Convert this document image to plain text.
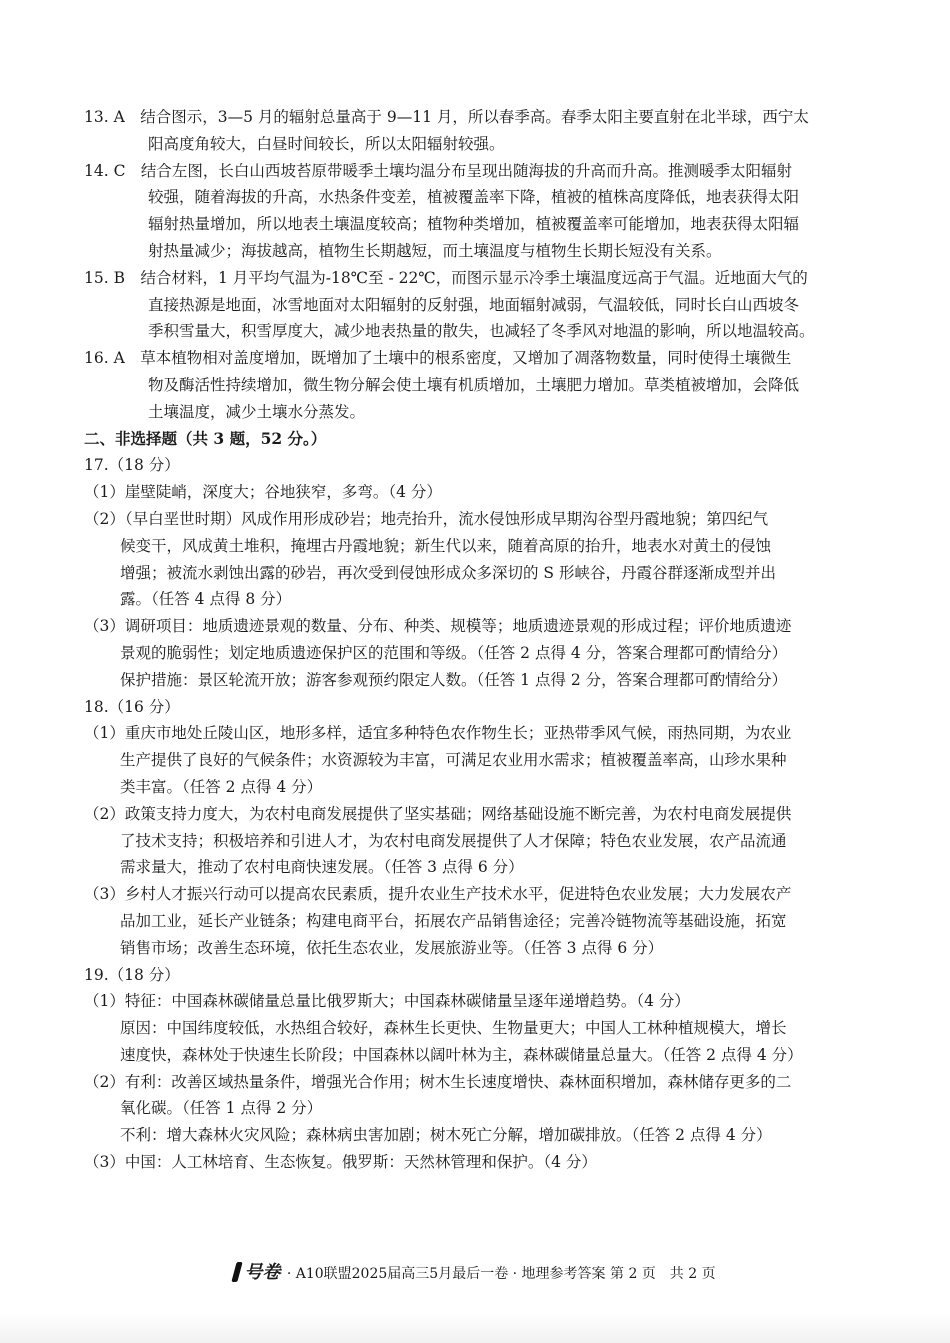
13. A　结合图示，3—5 月的辐射总量高于 9—11 月，所以春季高。春季太阳主要直射在北半球，西宁太
阳高度角较大，白昼时间较长，所以太阳辐射较强。
14. C　结合左图，长白山西坡苔原带暖季土壤均温分布呈现出随海拔的升高而升高。推测暖季太阳辐射
较强，随着海拔的升高，水热条件变差，植被覆盖率下降，植被的植株高度降低，地表获得太阳
辐射热量增加，所以地表土壤温度较高；植物种类增加，植被覆盖率可能增加，地表获得太阳辐
射热量减少；海拔越高，植物生长期越短，而土壤温度与植物生长期长短没有关系。
15. B　结合材料，1 月平均气温为-18℃至 - 22℃，而图示显示冷季土壤温度远高于气温。近地面大气的
直接热源是地面，冰雪地面对太阳辐射的反射强，地面辐射减弱，气温较低，同时长白山西坡冬
季积雪量大，积雪厚度大，减少地表热量的散失，也减轻了冬季风对地温的影响，所以地温较高。
16. A　草本植物相对盖度增加，既增加了土壤中的根系密度，又增加了凋落物数量，同时使得土壤微生
物及酶活性持续增加，微生物分解会使土壤有机质增加，土壤肥力增加。草类植被增加，会降低
土壤温度，减少土壤水分蒸发。
二、非选择题（共 3 题，52 分。）
17.（18 分）
（1）崖壁陡峭，深度大；谷地狭窄，多弯。（4 分）
（2）（早白垩世时期）风成作用形成砂岩；地壳抬升，流水侵蚀形成早期沟谷型丹霞地貌；第四纪气
候变干，风成黄土堆积，掩埋古丹霞地貌；新生代以来，随着高原的抬升，地表水对黄土的侵蚀
增强；被流水剥蚀出露的砂岩，再次受到侵蚀形成众多深切的 S 形峡谷，丹霞谷群逐渐成型并出
露。（任答 4 点得 8 分）
（3）调研项目：地质遗迹景观的数量、分布、种类、规模等；地质遗迹景观的形成过程；评价地质遗迹
景观的脆弱性；划定地质遗迹保护区的范围和等级。（任答 2 点得 4 分，答案合理都可酌情给分）
保护措施：景区轮流开放；游客参观预约限定人数。（任答 1 点得 2 分，答案合理都可酌情给分）
18.（16 分）
（1）重庆市地处丘陵山区，地形多样，适宜多种特色农作物生长；亚热带季风气候，雨热同期，为农业
生产提供了良好的气候条件；水资源较为丰富，可满足农业用水需求；植被覆盖率高，山珍水果种
类丰富。（任答 2 点得 4 分）
（2）政策支持力度大，为农村电商发展提供了坚实基础；网络基础设施不断完善，为农村电商发展提供
了技术支持；积极培养和引进人才，为农村电商发展提供了人才保障；特色农业发展，农产品流通
需求量大，推动了农村电商快速发展。（任答 3 点得 6 分）
（3）乡村人才振兴行动可以提高农民素质，提升农业生产技术水平，促进特色农业发展；大力发展农产
品加工业，延长产业链条；构建电商平台，拓展农产品销售途径；完善冷链物流等基础设施，拓宽
销售市场；改善生态环境，依托生态农业，发展旅游业等。（任答 3 点得 6 分）
19.（18 分）
（1）特征：中国森林碳储量总量比俄罗斯大；中国森林碳储量呈逐年递增趋势。（4 分）
原因：中国纬度较低，水热组合较好，森林生长更快、生物量更大；中国人工林种植规模大，增长
速度快，森林处于快速生长阶段；中国森林以阔叶林为主，森林碳储量总量大。（任答 2 点得 4 分）
（2）有利：改善区域热量条件，增强光合作用；树木生长速度增快、森林面积增加，森林储存更多的二
氧化碳。（任答 1 点得 2 分）
不利：增大森林火灾风险；森林病虫害加剧；树木死亡分解，增加碳排放。（任答 2 点得 4 分）
（3）中国：人工林培育、生态恢复。俄罗斯：天然林管理和保护。（4 分）
号卷 · A10联盟2025届高三5月最后一卷 · 地理参考答案 第 2 页　共 2 页
